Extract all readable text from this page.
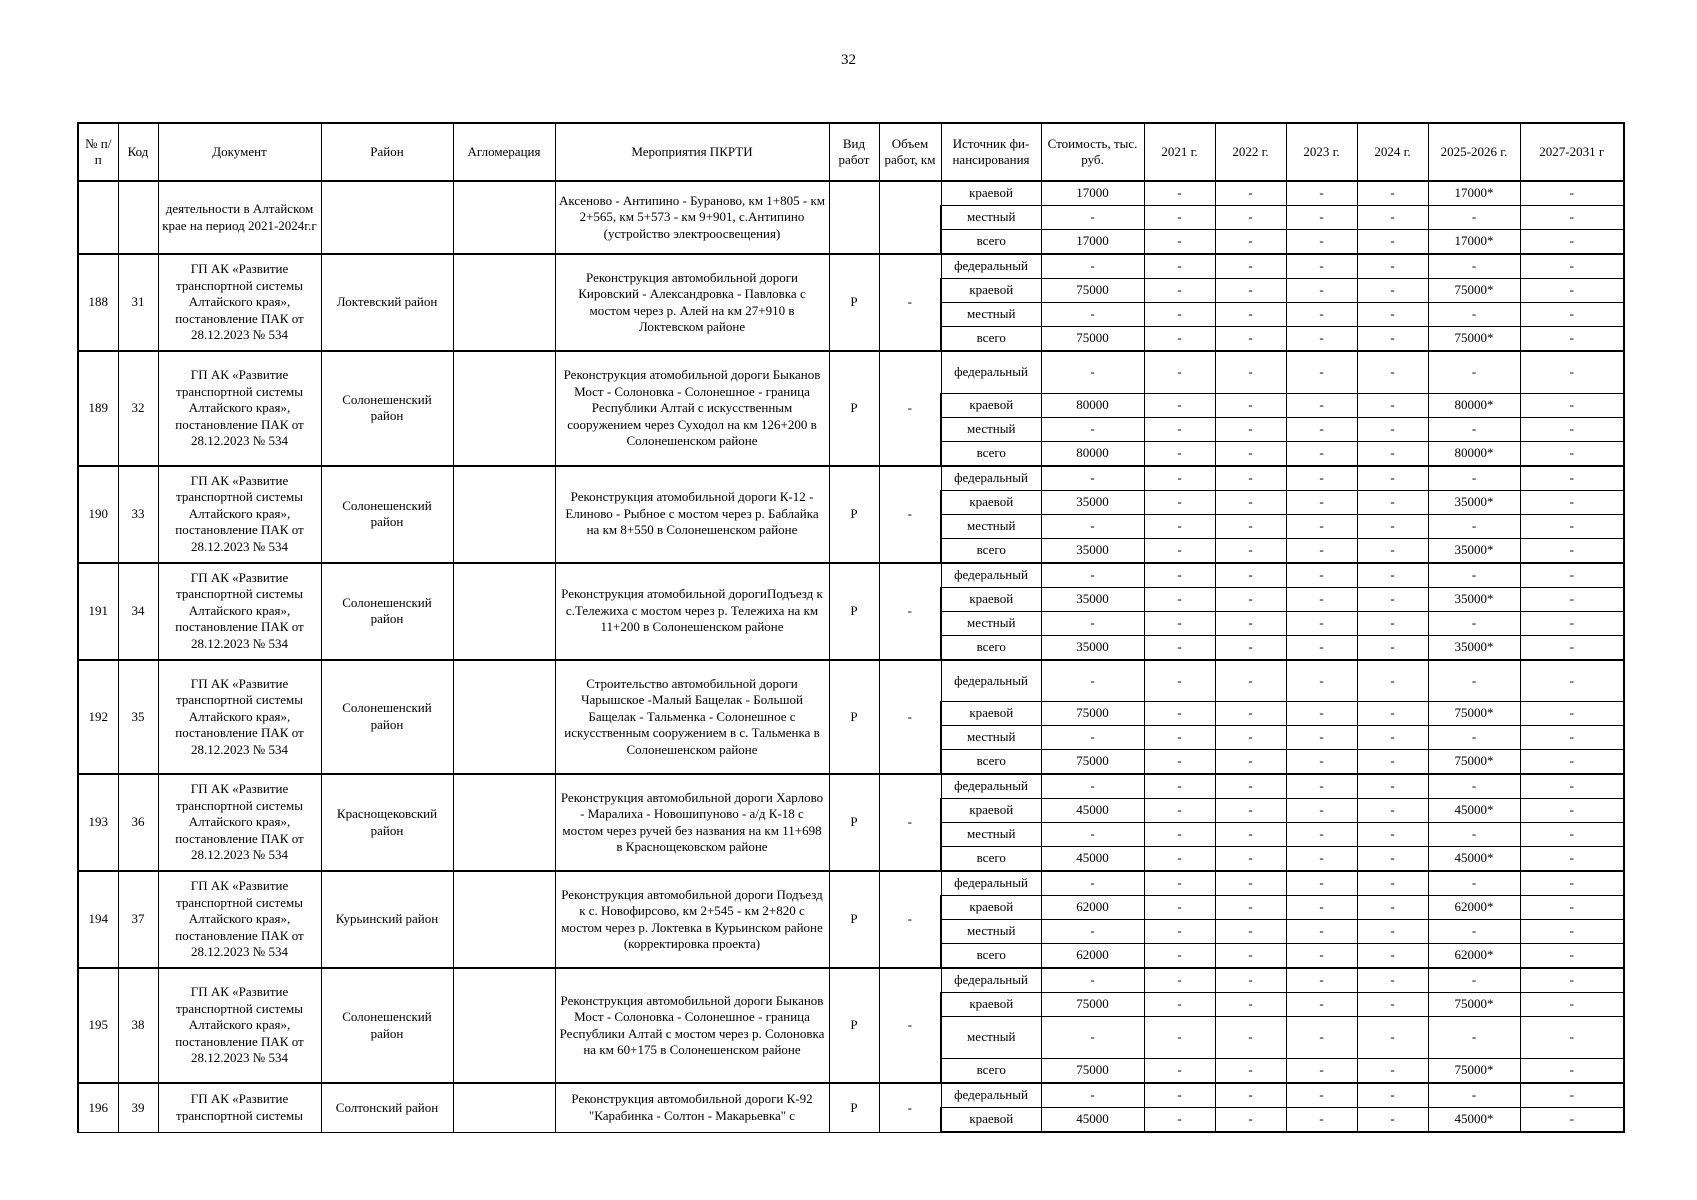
32
№ п/п	Код	Документ	Район	Агломерация	Мероприятия ПКРТИ	Вид работ	Объем работ, км	Источник фи-нансирования	Стоимость, тыс. руб.	2021 г.	2022 г.	2023 г.	2024 г.	2025-2026 г.	2027-2031 г
		деятельности в Алтайском крае на период 2021-2024г.г			Аксеново - Антипино - Бураново, км 1+805 - км 2+565, км 5+573 - км 9+901, с.Антипино (устройство электроосвещения)			краевой	17000	-	-	-	-	17000*	-
								местный	-	-	-	-	-	-	-
								всего	17000	-	-	-	-	17000*	-
188	31	ГП АК «Развитие транспортной системы Алтайского края», постановление ПАК от 28.12.2023 № 534	Локтевский район		Реконструкция автомобильной дороги Кировский - Александровка - Павловка с мостом через р. Алей на км 27+910 в Локтевском районе	Р	-	федеральный	-	-	-	-	-	-	-
								краевой	75000	-	-	-	-	75000*	-
								местный	-	-	-	-	-	-	-
								всего	75000	-	-	-	-	75000*	-
189	32	ГП АК «Развитие транспортной системы Алтайского края», постановление ПАК от 28.12.2023 № 534	Солонешенский район		Реконструкция атомобильной дороги Быканов Мост - Солоновка - Солонешное - граница Республики Алтай с искусственным сооружением через Суходол на км 126+200 в Солонешенском районе	Р	-	федеральный	-	-	-	-	-	-	-
								краевой	80000	-	-	-	-	80000*	-
								местный	-	-	-	-	-	-	-
								всего	80000	-	-	-	-	80000*	-
190	33	ГП АК «Развитие транспортной системы Алтайского края», постановление ПАК от 28.12.2023 № 534	Солонешенский район		Реконструкция атомобильной дороги К-12 - Елиново - Рыбное с мостом через р. Баблайка на км 8+550 в Солонешенском районе	Р	-	федеральный	-	-	-	-	-	-	-
								краевой	35000	-	-	-	-	35000*	-
								местный	-	-	-	-	-	-	-
								всего	35000	-	-	-	-	35000*	-
191	34	ГП АК «Развитие транспортной системы Алтайского края», постановление ПАК от 28.12.2023 № 534	Солонешенский район		Реконструкция атомобильной дорогиПодъезд к с.Тележиха с мостом через р. Тележиха на км 11+200 в Солонешенском районе	Р	-	федеральный	-	-	-	-	-	-	-
								краевой	35000	-	-	-	-	35000*	-
								местный	-	-	-	-	-	-	-
								всего	35000	-	-	-	-	35000*	-
192	35	ГП АК «Развитие транспортной системы Алтайского края», постановление ПАК от 28.12.2023 № 534	Солонешенский район		Строительство автомобильной дороги Чарышское -Малый Бащелак - Большой Бащелак - Тальменка - Солонешное с искусственным сооружением в с. Тальменка в Солонешенском районе	Р	-	федеральный	-	-	-	-	-	-	-
								краевой	75000	-	-	-	-	75000*	-
								местный	-	-	-	-	-	-	-
								всего	75000	-	-	-	-	75000*	-
193	36	ГП АК «Развитие транспортной системы Алтайского края», постановление ПАК от 28.12.2023 № 534	Краснощековский район		Реконструкция автомобильной дороги Харлово - Маралиха - Новошипуново - а/д К-18 с мостом через ручей без названия на км 11+698 в Краснощековском районе	Р	-	федеральный	-	-	-	-	-	-	-
								краевой	45000	-	-	-	-	45000*	-
								местный	-	-	-	-	-	-	-
								всего	45000	-	-	-	-	45000*	-
194	37	ГП АК «Развитие транспортной системы Алтайского края», постановление ПАК от 28.12.2023 № 534	Курьинский район		Реконструкция автомобильной дороги Подъезд к с. Новофирсово, км 2+545 - км 2+820 с мостом через р. Локтевка в Курьинском районе (корректировка проекта)	Р	-	федеральный	-	-	-	-	-	-	-
								краевой	62000	-	-	-	-	62000*	-
								местный	-	-	-	-	-	-	-
								всего	62000	-	-	-	-	62000*	-
195	38	ГП АК «Развитие транспортной системы Алтайского края», постановление ПАК от 28.12.2023 № 534	Солонешенский район		Реконструкция автомобильной дороги Быканов Мост - Солоновка - Солонешное - граница Республики Алтай с мостом через р. Солоновка на км 60+175 в Солонешенском районе	Р	-	федеральный	-	-	-	-	-	-	-
								краевой	75000	-	-	-	-	75000*	-
								местный	-	-	-	-	-	-	-
								всего	75000	-	-	-	-	75000*	-
196	39	ГП АК «Развитие транспортной системы	Солтонский район		Реконструкция автомобильной дороги К-92 "Карабинка - Солтон - Макарьевка" с	Р	-	федеральный	-	-	-	-	-	-	-
								краевой	45000	-	-	-	-	45000*	-
